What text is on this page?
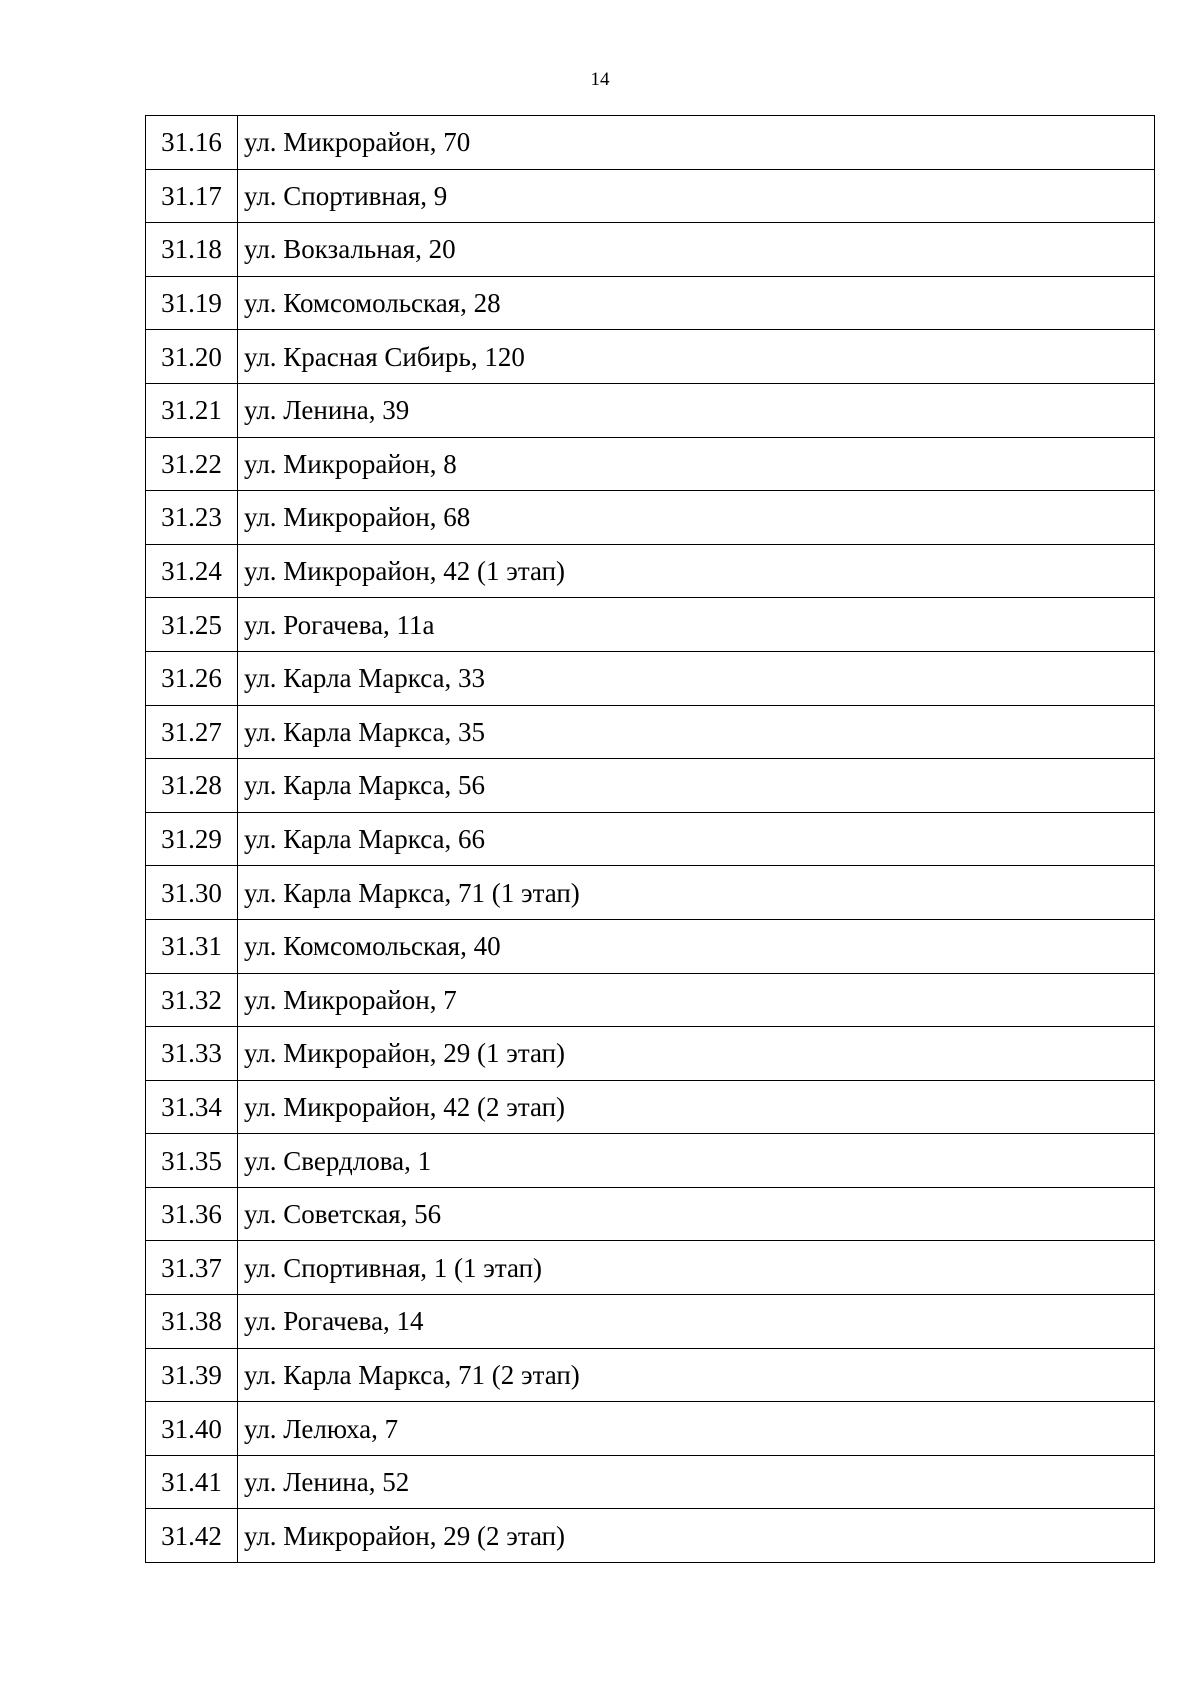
14
31.16	ул. Микрорайон, 70
31.17	ул. Спортивная, 9
31.18	ул. Вокзальная, 20
31.19	ул. Комсомольская, 28
31.20	ул. Красная Сибирь, 120
31.21	ул. Ленина, 39
31.22	ул. Микрорайон, 8
31.23	ул. Микрорайон, 68
31.24	ул. Микрорайон, 42 (1 этап)
31.25	ул. Рогачева, 11а
31.26	ул. Карла Маркса, 33
31.27	ул. Карла Маркса, 35
31.28	ул. Карла Маркса, 56
31.29	ул. Карла Маркса, 66
31.30	ул. Карла Маркса, 71 (1 этап)
31.31	ул. Комсомольская, 40
31.32	ул. Микрорайон, 7
31.33	ул. Микрорайон, 29 (1 этап)
31.34	ул. Микрорайон, 42 (2 этап)
31.35	ул. Свердлова, 1
31.36	ул. Советская, 56
31.37	ул. Спортивная, 1 (1 этап)
31.38	ул. Рогачева, 14
31.39	ул. Карла Маркса, 71 (2 этап)
31.40	ул. Лелюха, 7
31.41	ул. Ленина, 52
31.42	ул. Микрорайон, 29 (2 этап)
